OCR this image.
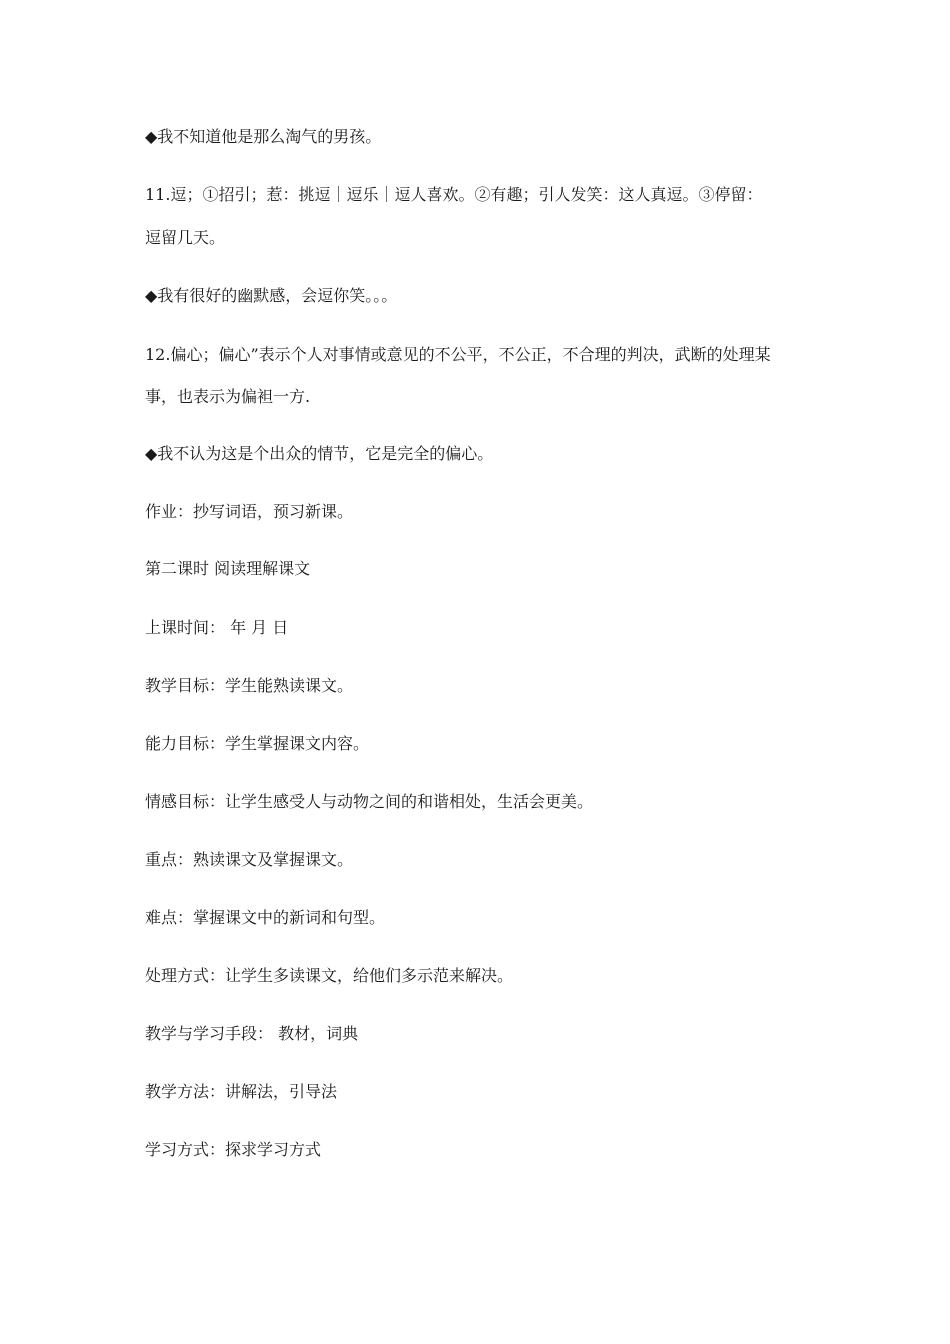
◆我不知道他是那么淘气的男孩。
11.逗；①招引；惹：挑逗｜逗乐｜逗人喜欢。②有趣；引人发笑：这人真逗。③停留：
逗留几天。
◆我有很好的幽默感，会逗你笑。。。
12.偏心；偏心”表示个人对事情或意见的不公平，不公正，不合理的判决，武断的处理某
事，也表示为偏袒一方.
◆我不认为这是个出众的情节，它是完全的偏心。
作业：抄写词语，预习新课。
第二课时 阅读理解课文
上课时间： 年 月 日
教学目标：学生能熟读课文。
能力目标：学生掌握课文内容。
情感目标：让学生感受人与动物之间的和谐相处，生活会更美。
重点：熟读课文及掌握课文。
难点：掌握课文中的新词和句型。
处理方式：让学生多读课文，给他们多示范来解决。
教学与学习手段： 教材，词典
教学方法：讲解法，引导法
学习方式：探求学习方式
